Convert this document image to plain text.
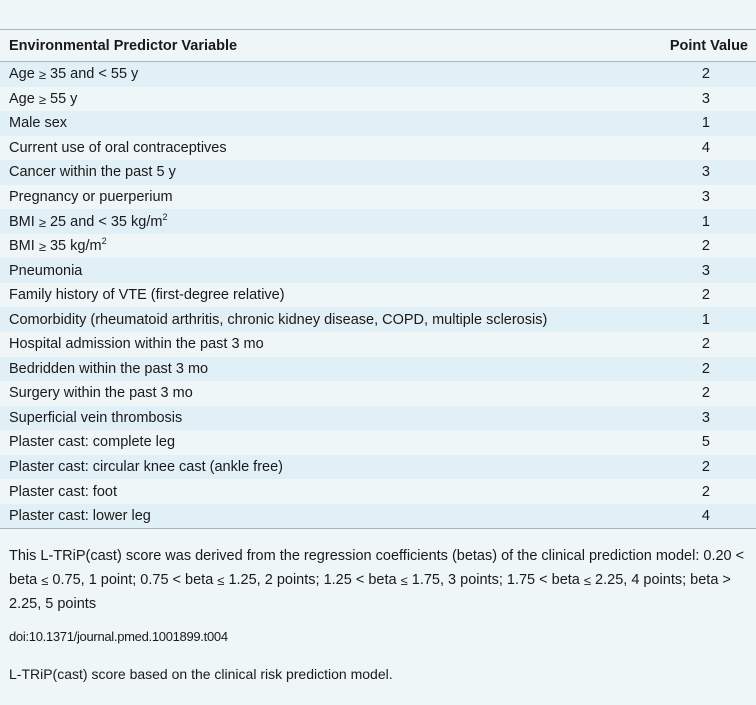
Environmental Predictor Variable	Point Value
Age ≥ 35 and < 55 y	2
Age ≥ 55 y	3
Male sex	1
Current use of oral contraceptives	4
Cancer within the past 5 y	3
Pregnancy or puerperium	3
BMI ≥ 25 and < 35 $kg/m^2$	1
BMI ≥ 35 $kg/m^2$	2
Pneumonia	3
Family history of VTE (first-degree relative)	2
Comorbidity (rheumatoid arthritis, chronic kidney disease, COPD, multiple sclerosis)	1
Hospital admission within the past 3 mo	2
Bedridden within the past 3 mo	2
Surgery within the past 3 mo	2
Superficial vein thrombosis	3
Plaster cast: complete leg	5
Plaster cast: circular knee cast (ankle free)	2
Plaster cast: foot	2
Plaster cast: lower leg	4
This L-TRiP(cast) score was derived from the regression coefficients (betas) of the clinical prediction model: 0.20 < beta ≤ 0.75, 1 point; 0.75 < beta ≤ 1.25, 2 points; 1.25 < beta ≤ 1.75, 3 points; 1.75 < beta ≤ 2.25, 4 points; beta > 2.25, 5 points
doi:10.1371/journal.pmed.1001899.t004
L-TRiP(cast) score based on the clinical risk prediction model.
